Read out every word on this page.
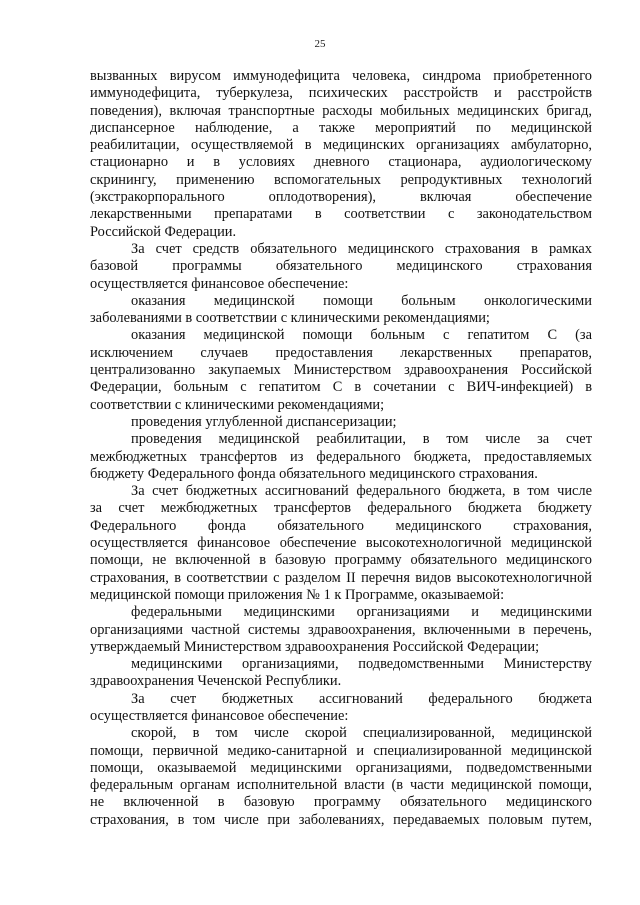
25
вызванных вирусом иммунодефицита человека, синдрома приобретенного
иммунодефицита, туберкулеза, психических расстройств и расстройств
поведения), включая транспортные расходы мобильных медицинских бригад,
диспансерное наблюдение, а также мероприятий по медицинской
реабилитации, осуществляемой в медицинских организациях амбулаторно,
стационарно и в условиях дневного стационара, аудиологическому
скринингу, применению вспомогательных репродуктивных технологий
(экстракорпорального оплодотворения), включая обеспечение
лекарственными препаратами в соответствии с законодательством
Российской Федерации.
За счет средств обязательного медицинского страхования в рамках
базовой программы обязательного медицинского страхования
осуществляется финансовое обеспечение:
оказания медицинской помощи больным онкологическими
заболеваниями в соответствии с клиническими рекомендациями;
оказания медицинской помощи больным с гепатитом С (за
исключением случаев предоставления лекарственных препаратов,
централизованно закупаемых Министерством здравоохранения Российской
Федерации, больным с гепатитом С в сочетании с ВИЧ-инфекцией) в
соответствии с клиническими рекомендациями;
проведения углубленной диспансеризации;
проведения медицинской реабилитации, в том числе за счет
межбюджетных трансфертов из федерального бюджета, предоставляемых
бюджету Федерального фонда обязательного медицинского страхования.
За счет бюджетных ассигнований федерального бюджета, в том числе
за счет межбюджетных трансфертов федерального бюджета бюджету
Федерального фонда обязательного медицинского страхования,
осуществляется финансовое обеспечение высокотехнологичной медицинской
помощи, не включенной в базовую программу обязательного медицинского
страхования, в соответствии с разделом II перечня видов высокотехнологичной
медицинской помощи приложения № 1 к Программе, оказываемой:
федеральными медицинскими организациями и медицинскими
организациями частной системы здравоохранения, включенными в перечень,
утверждаемый Министерством здравоохранения Российской Федерации;
медицинскими организациями, подведомственными Министерству
здравоохранения Чеченской Республики.
За счет бюджетных ассигнований федерального бюджета
осуществляется финансовое обеспечение:
скорой, в том числе скорой специализированной, медицинской
помощи, первичной медико-санитарной и специализированной медицинской
помощи, оказываемой медицинскими организациями, подведомственными
федеральным органам исполнительной власти (в части медицинской помощи,
не включенной в базовую программу обязательного медицинского
страхования, в том числе при заболеваниях, передаваемых половым путем,
